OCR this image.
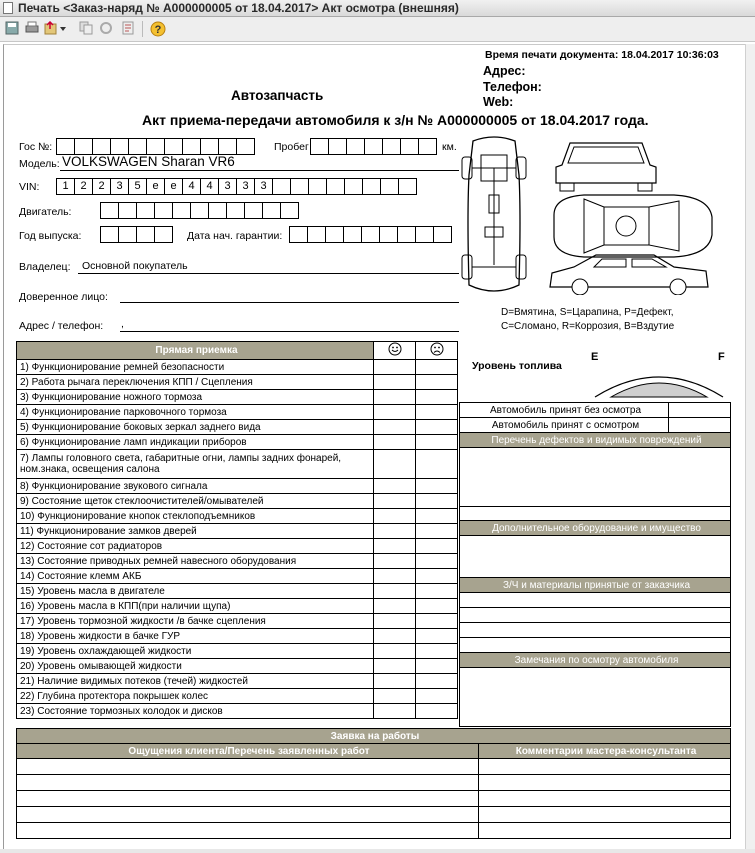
Печать <Заказ-наряд № А000000005 от 18.04.2017> Акт осмотра (внешняя)
?
Время печати документа: 18.04.2017 10:36:03
Адрес:
Телефон:
Web:
Автозапчасть
Акт приема-передачи автомобиля к з/н № А000000005 от 18.04.2017 года.
Гос №:	Пробег	км.
Модель: VOLKSWAGEN Sharan VR6
VIN:	1	2	2	3	5	e	e	4	4	3	3	3
Двигатель:
Год выпуска:	Дата нач. гарантии:
Владелец: Основной покупатель
Доверенное лицо:
Адрес / телефон: ,
D=Вмятина, S=Царапина, P=Дефект,
C=Сломано, R=Коррозия, B=Вздутие
Уровень топлива
E	F
Прямая приемка		
1) Функционирование ремней безопасности		
2) Работа рычага переключения КПП / Сцепления		
3) Функционирование ножного тормоза		
4) Функционирование парковочного тормоза		
5) Функционирование боковых зеркал заднего вида		
6) Функционирование ламп индикации приборов		
7) Лампы головного света, габаритные огни, лампы задних фонарей, ном.знака, освещения салона		
8) Функционирование звукового сигнала		
9) Состояние щеток стеклоочистителей/омывателей		
10) Функционирование кнопок стеклоподъемников		
11) Функционирование замков дверей		
12) Состояние сот радиаторов		
13) Состояние приводных ремней навесного оборудования		
14) Состояние клемм АКБ		
15) Уровень масла в двигателе		
16) Уровень масла в КПП(при наличии щупа)		
17) Уровень тормозной жидкости /в бачке сцепления		
18) Уровень жидкости в бачке ГУР		
19) Уровень охлаждающей жидкости		
20) Уровень омывающей жидкости		
21) Наличие видимых потеков (течей) жидкостей		
22) Глубина протектора покрышек колес		
23) Состояние тормозных колодок и дисков		
Автомобиль принят без осмотра	
Автомобиль принят с осмотром	
Перечень дефектов и видимых повреждений	

Дополнительное оборудование и имущество	

З/Ч и материалы принятые от заказчика	

Замечания по осмотру автомобиля	

Заявка на работы	
Ощущения клиента/Перечень заявленных работ	Комментарии мастера-консультанта
